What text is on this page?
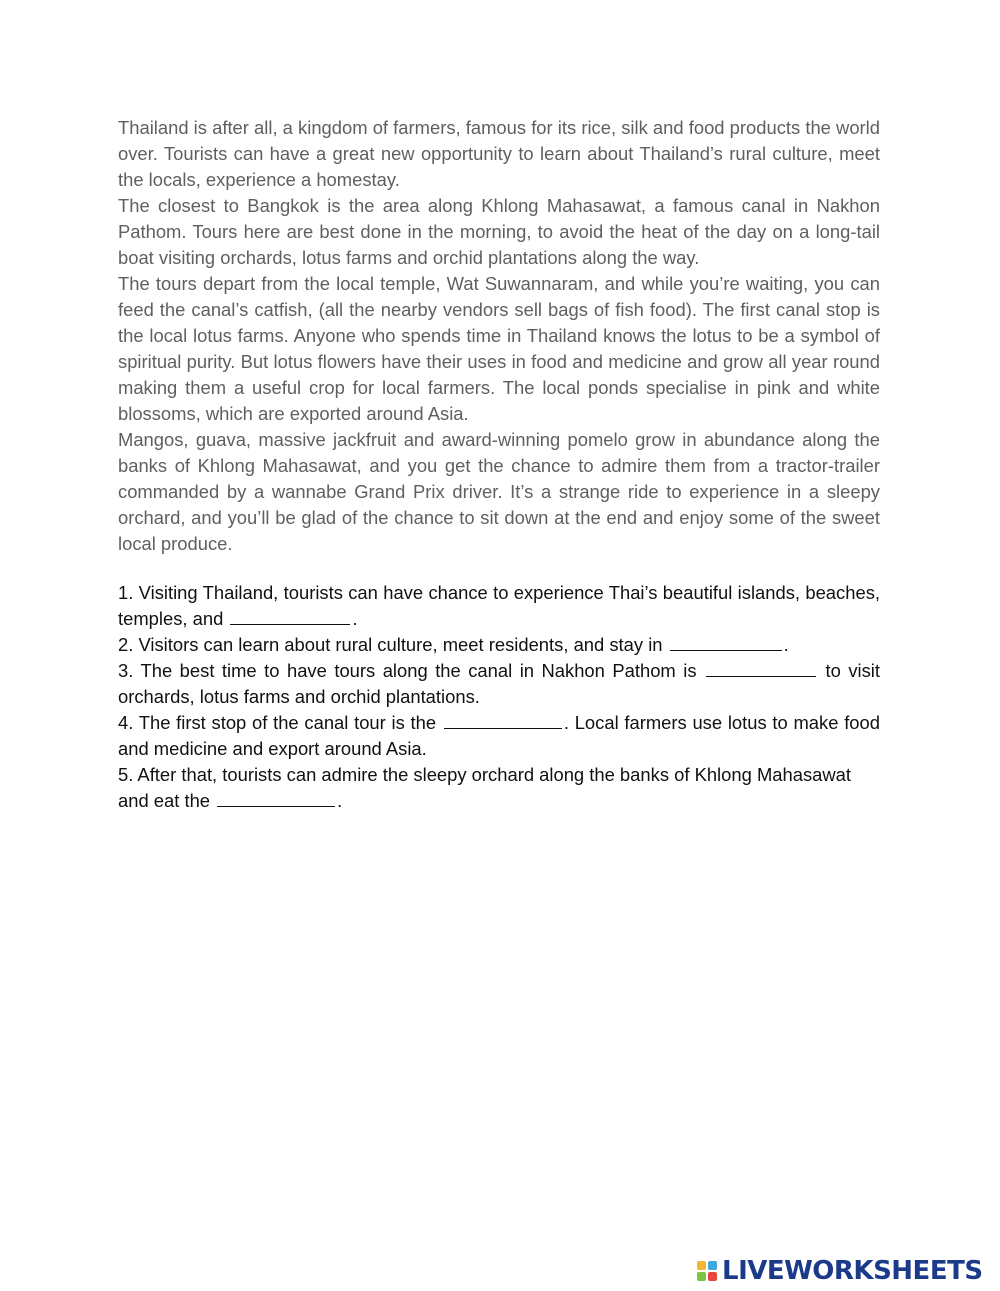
Thailand is after all, a kingdom of farmers, famous for its rice, silk and food products the world over. Tourists can have a great new opportunity to learn about Thailand’s rural culture, meet the locals, experience a homestay.

The closest to Bangkok is the area along Khlong Mahasawat, a famous canal in Nakhon Pathom. Tours here are best done in the morning, to avoid the heat of the day on a long-tail boat visiting orchards, lotus farms and orchid plantations along the way.

The tours depart from the local temple, Wat Suwannaram, and while you’re waiting, you can feed the canal’s catfish, (all the nearby vendors sell bags of fish food). The first canal stop is the local lotus farms. Anyone who spends time in Thailand knows the lotus to be a symbol of spiritual purity. But lotus flowers have their uses in food and medicine and grow all year round making them a useful crop for local farmers. The local ponds specialise in pink and white blossoms, which are exported around Asia.

Mangos, guava, massive jackfruit and award-winning pomelo grow in abundance along the banks of Khlong Mahasawat, and you get the chance to admire them from a tractor-trailer commanded by a wannabe Grand Prix driver. It’s a strange ride to experience in a sleepy orchard, and you’ll be glad of the chance to sit down at the end and enjoy some of the sweet local produce.

1. Visiting Thailand, tourists can have chance to experience Thai’s beautiful islands, beaches, temples, and	.

2. Visitors can learn about rural culture, meet residents, and stay in	.

3. The best time to have tours along the canal in Nakhon Pathom is	to visit orchards, lotus farms and orchid plantations.

4. The first stop of the canal tour is the	. Local farmers use lotus to make food and medicine and export around Asia.

5. After that, tourists can admire the sleepy orchard along the banks of Khlong Mahasawat and eat the	.

LIVEWORKSHEETS
